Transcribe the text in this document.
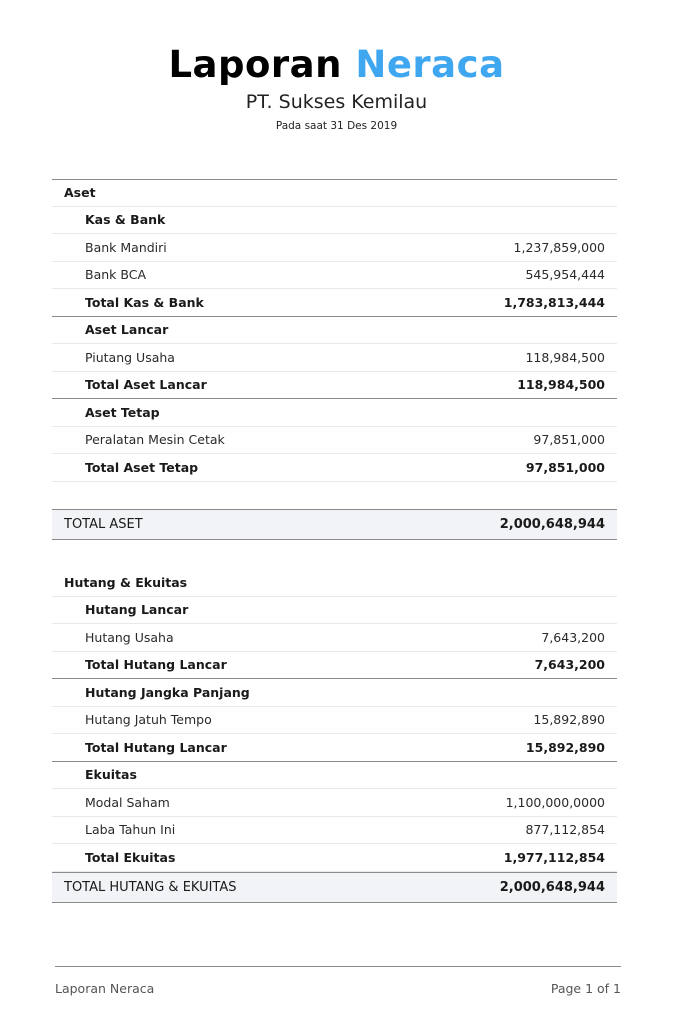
Laporan Neraca
PT. Sukses Kemilau
Pada saat 31 Des 2019
Aset
Kas & Bank
Bank Mandiri	1,237,859,000
Bank BCA	545,954,444
Total Kas & Bank	1,783,813,444
Aset Lancar
Piutang Usaha	118,984,500
Total Aset Lancar	118,984,500
Aset Tetap
Peralatan Mesin Cetak	97,851,000
Total Aset Tetap	97,851,000
TOTAL ASET	2,000,648,944
Hutang & Ekuitas
Hutang Lancar
Hutang Usaha	7,643,200
Total Hutang Lancar	7,643,200
Hutang Jangka Panjang
Hutang Jatuh Tempo	15,892,890
Total Hutang Lancar	15,892,890
Ekuitas
Modal Saham	1,100,000,0000
Laba Tahun Ini	877,112,854
Total Ekuitas	1,977,112,854
TOTAL HUTANG & EKUITAS	2,000,648,944
Laporan Neraca	Page 1 of 1
